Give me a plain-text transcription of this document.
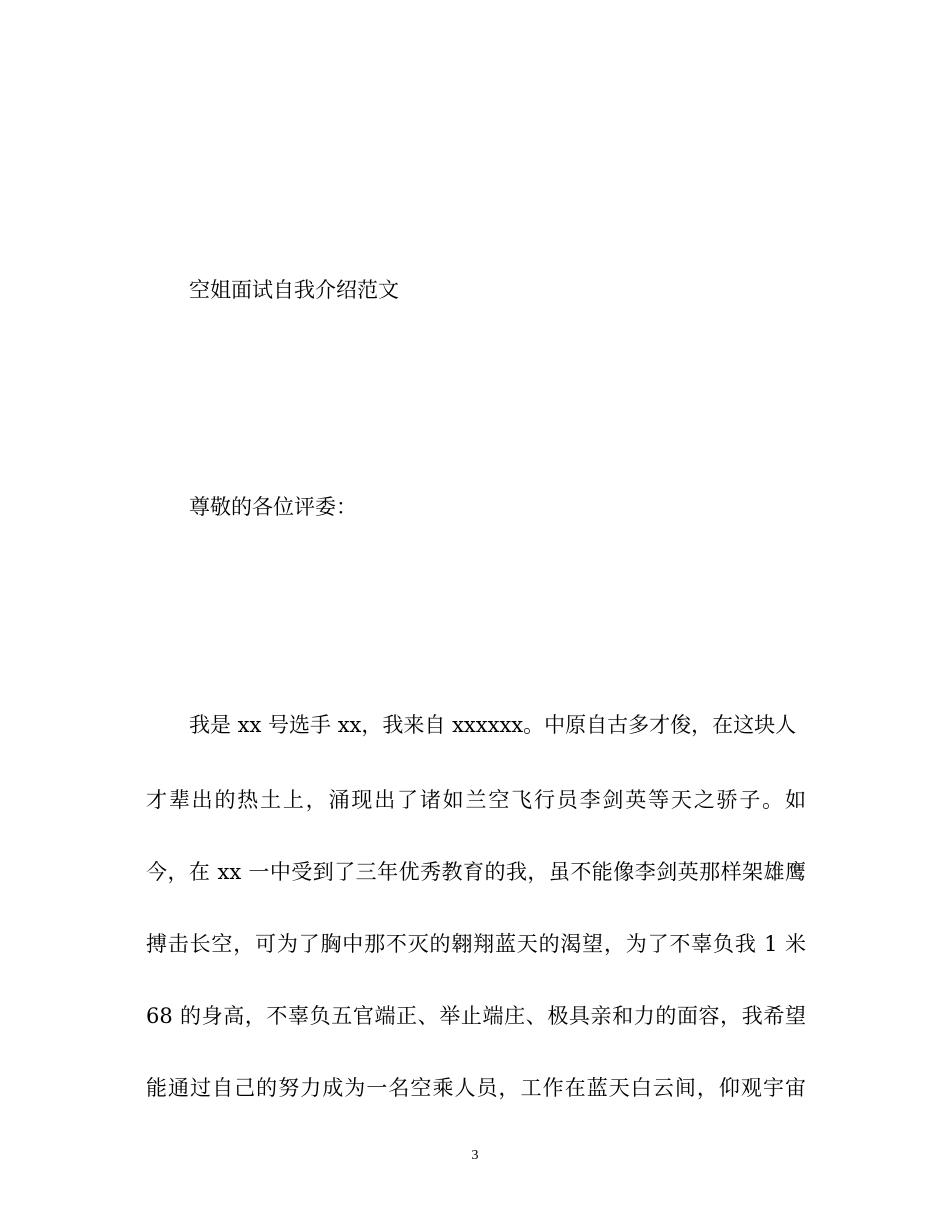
空姐面试自我介绍范文
尊敬的各位评委：
我是 xx 号选手 xx，我来自 xxxxxx。中原自古多才俊，在这块人
才辈出的热土上，涌现出了诸如兰空飞行员李剑英等天之骄子。如
今，在 xx 一中受到了三年优秀教育的我，虽不能像李剑英那样架雄鹰
搏击长空，可为了胸中那不灭的翱翔蓝天的渴望，为了不辜负我 1 米
68 的身高，不辜负五官端正、举止端庄、极具亲和力的面容，我希望
能通过自己的努力成为一名空乘人员，工作在蓝天白云间，仰观宇宙
3
